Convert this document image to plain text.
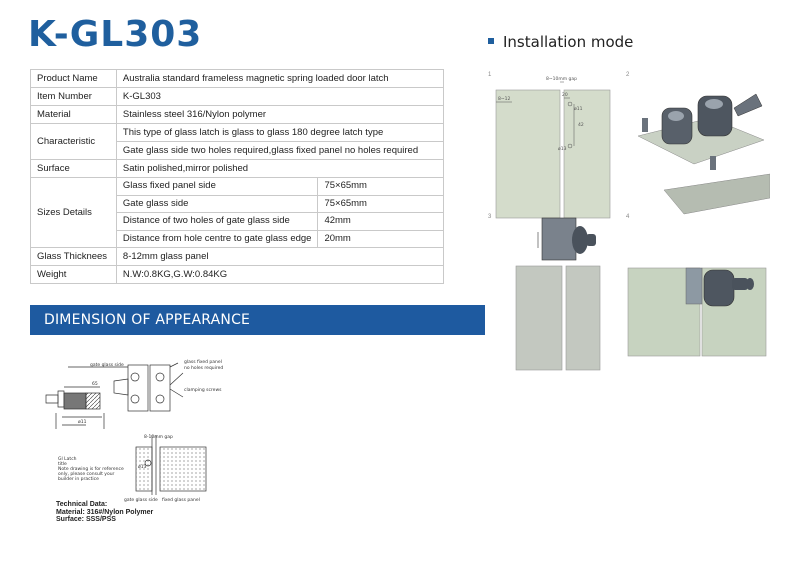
K-GL303	Installation mode
Product Name	Australia standard frameless magnetic spring loaded door latch	
Item Number	K-GL303	
Material	Stainless steel 316/Nylon polymer	
Characteristic	This type of glass latch is glass to glass 180 degree latch type	
	Gate glass side two holes required,glass fixed panel no holes required	
Surface	Satin polished,mirror polished	
Sizes Details	Glass fixed panel side	75×65mm
	Gate glass side	75×65mm
	Distance of two holes of gate glass side	42mm
	Distance from hole centre to gate glass edge	20mm
Glass Thicknees	8-12mm glass panel	
Weight	N.W:0.8KG,G.W:0.84KG	
DIMENSION OF APPEARANCE
gate glass side
glass fixed panel
no holes required
clamping screws
65
ø11
8-10mm gap
ø13
Gl Latch
title
Note drawing is for reference
only, please consult your
builder in practice
gate glass side fixed glass panel
Technical Data:
Material: 316#/Nylon Polymer
Surface: SSS/PSS
1
8~10mm gap
8~12
20
42
ø11
ø13
2
3	4
